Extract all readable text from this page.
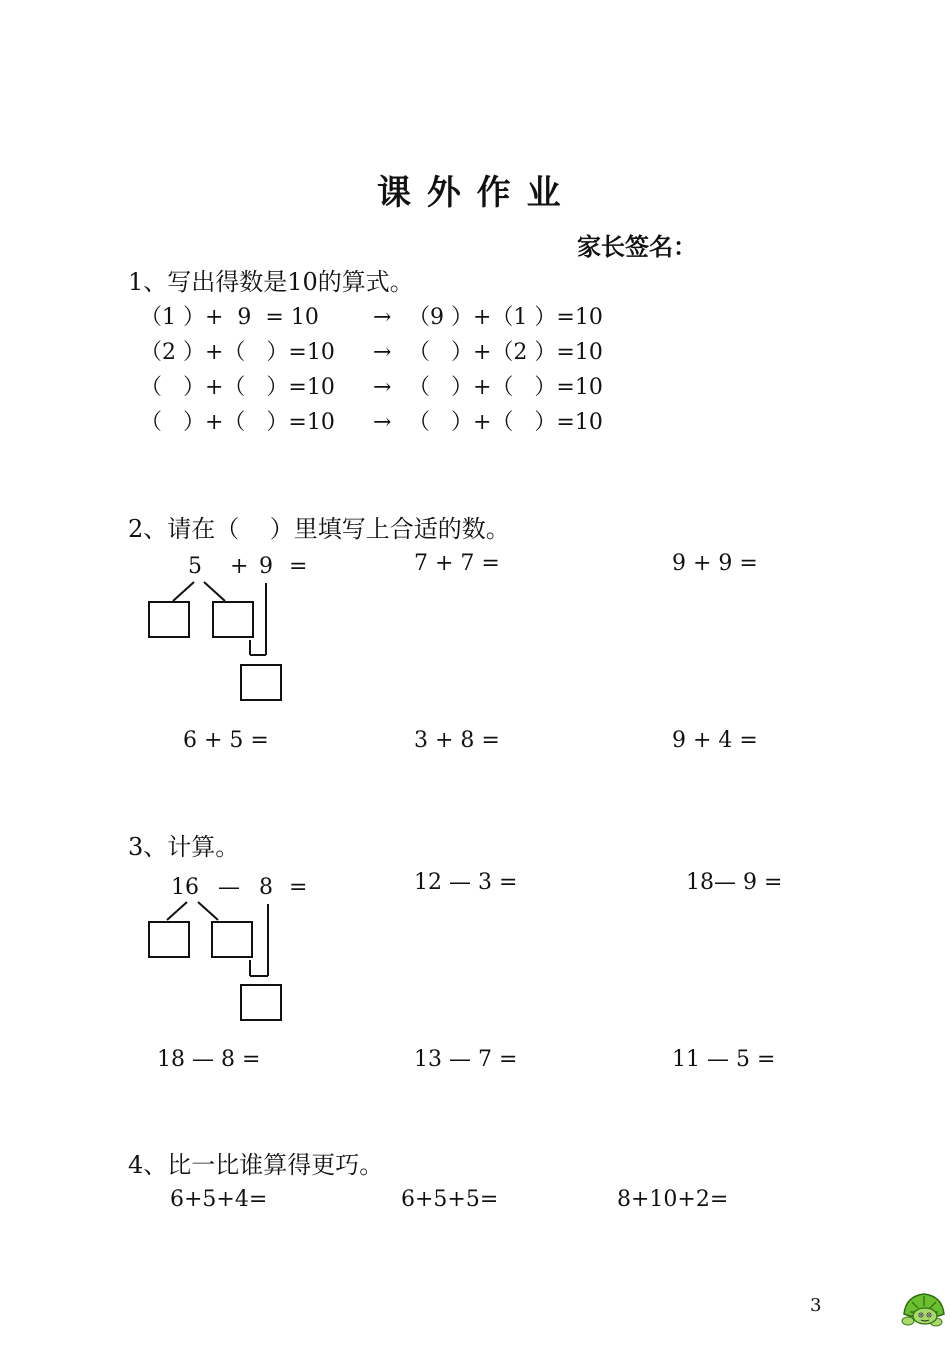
课 外 作 业
家长签名：
1、写出得数是10的算式。
（1 ）+  9  = 10 → （9 ）+（1 ）=10
（2 ）+（   ）=10 → （   ）+（2 ）=10
（   ）+（   ）=10 → （   ）+（   ）=10
（   ）+（   ）=10 → （   ）+（   ）=10
2、请在（    ）里填写上合适的数。
5 + 9 =	7 + 7 =	9 + 9 =
6 + 5 =	3 + 8 =	9 + 4 =
3、计算。
16 — 8 =	12 — 3 =	18— 9 =
18 — 8 =	13 — 7 =	11 — 5 =
4、比一比谁算得更巧。
6+5+4=	6+5+5=	8+10+2=
3
